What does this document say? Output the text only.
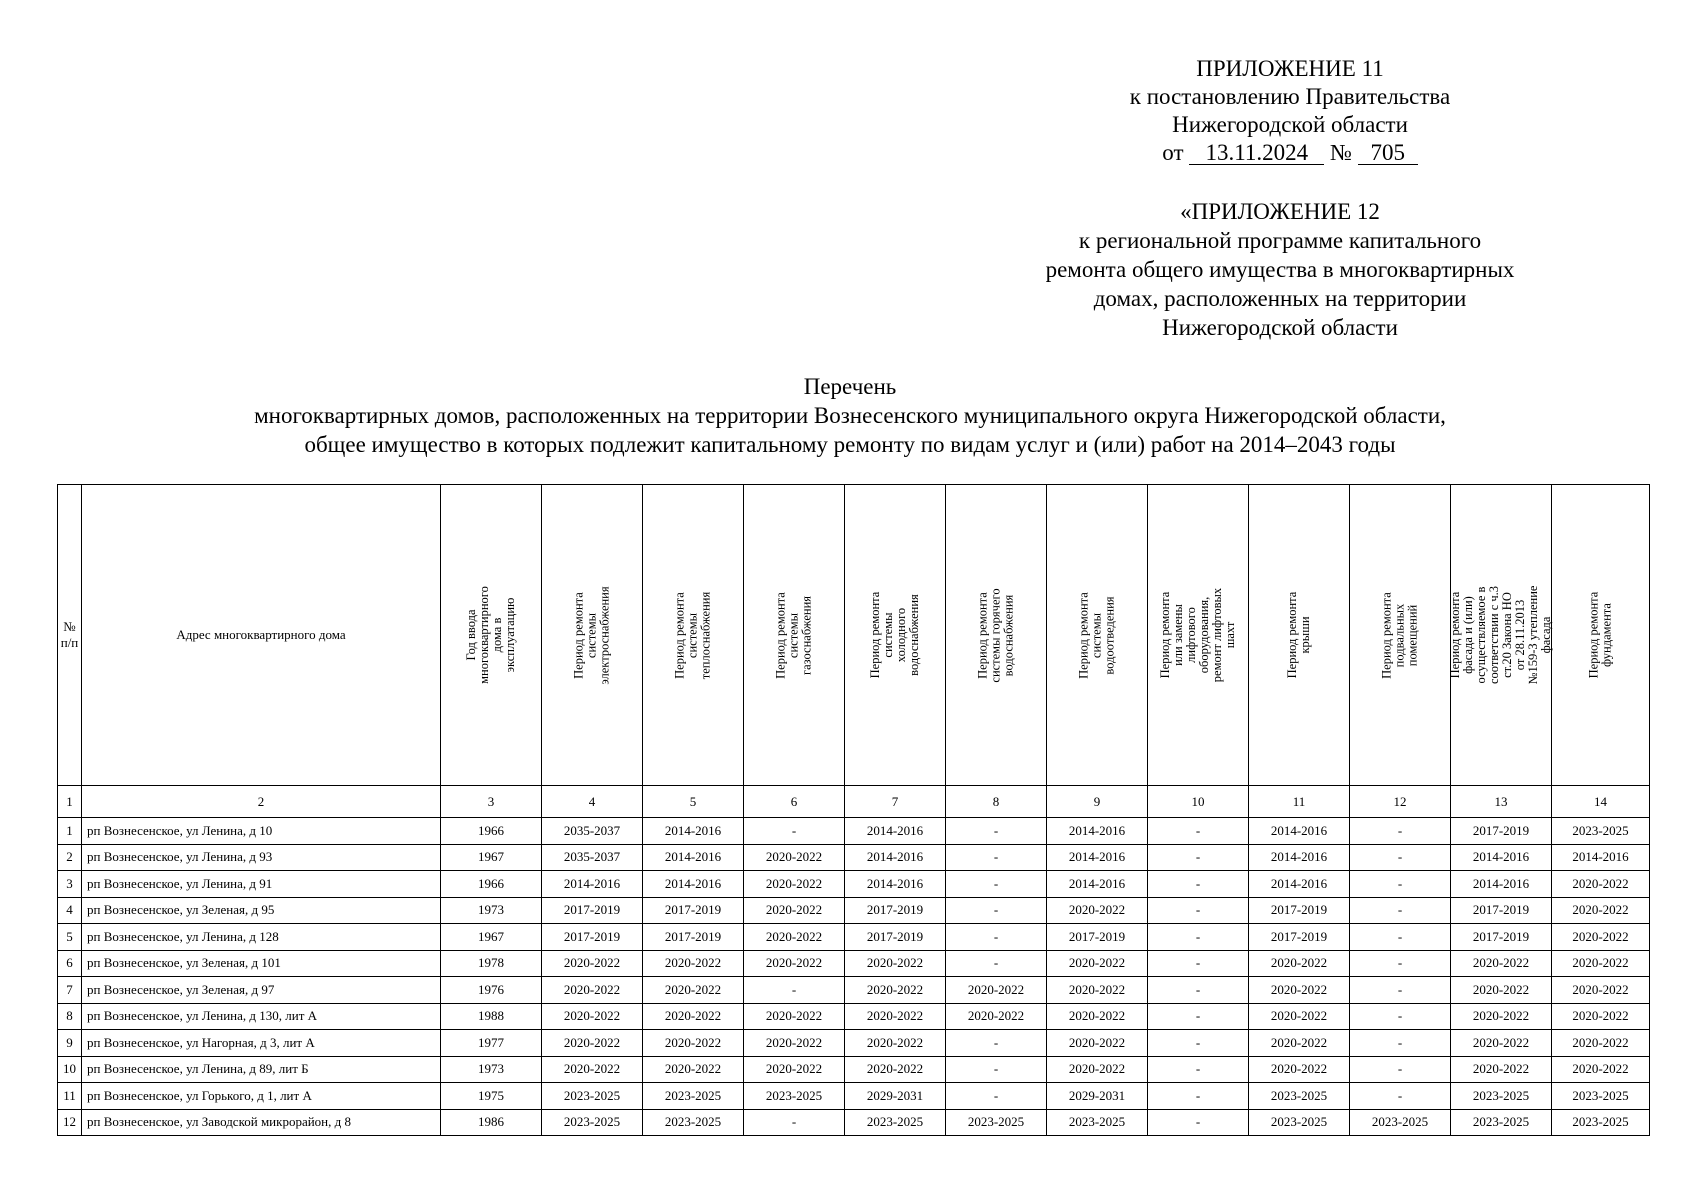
ПРИЛОЖЕНИЕ 11
к постановлению Правительства
Нижегородской области
от 13.11.2024 № 705
«ПРИЛОЖЕНИЕ 12
к региональной программе капитального
ремонта общего имущества в многоквартирных
домах, расположенных на территории
Нижегородской области
Перечень
многоквартирных домов, расположенных на территории Вознесенского муниципального округа Нижегородской области,
общее имущество в которых подлежит капитальному ремонту по видам услуг и (или) работ на 2014–2043 годы
№ п/п	Адрес многоквартирного дома	Год ввода многоквартирного дома в эксплуатацию	Период ремонта системы электроснабжения	Период ремонта системы теплоснабжения	Период ремонта системы газоснабжения	Период ремонта системы холодного водоснабжения	Период ремонта системы горячего водоснабжения	Период ремонта системы водоотведения	Период ремонта или замены лифтового оборудования, ремонт лифтовых шахт	Период ремонта крыши	Период ремонта подвальных помещений	Период ремонта фасада и (или) осуществляемое в соответствии с ч.3 ст.20 Закона НО от 28.11.2013 №159-З утепление фасада	Период ремонта фундамента

1	2	3	4	5	6	7	8	9	10	11	12	13	14
1	рп Вознесенское, ул Ленина, д 10	1966	2035-2037	2014-2016	-	2014-2016	-	2014-2016	-	2014-2016	-	2017-2019	2023-2025
2	рп Вознесенское, ул Ленина, д 93	1967	2035-2037	2014-2016	2020-2022	2014-2016	-	2014-2016	-	2014-2016	-	2014-2016	2014-2016
3	рп Вознесенское, ул Ленина, д 91	1966	2014-2016	2014-2016	2020-2022	2014-2016	-	2014-2016	-	2014-2016	-	2014-2016	2020-2022
4	рп Вознесенское, ул Зеленая, д 95	1973	2017-2019	2017-2019	2020-2022	2017-2019	-	2020-2022	-	2017-2019	-	2017-2019	2020-2022
5	рп Вознесенское, ул Ленина, д 128	1967	2017-2019	2017-2019	2020-2022	2017-2019	-	2017-2019	-	2017-2019	-	2017-2019	2020-2022
6	рп Вознесенское, ул Зеленая, д 101	1978	2020-2022	2020-2022	2020-2022	2020-2022	-	2020-2022	-	2020-2022	-	2020-2022	2020-2022
7	рп Вознесенское, ул Зеленая, д 97	1976	2020-2022	2020-2022	-	2020-2022	2020-2022	2020-2022	-	2020-2022	-	2020-2022	2020-2022
8	рп Вознесенское, ул Ленина, д 130, лит А	1988	2020-2022	2020-2022	2020-2022	2020-2022	2020-2022	2020-2022	-	2020-2022	-	2020-2022	2020-2022
9	рп Вознесенское, ул Нагорная, д 3, лит А	1977	2020-2022	2020-2022	2020-2022	2020-2022	-	2020-2022	-	2020-2022	-	2020-2022	2020-2022
10	рп Вознесенское, ул Ленина, д 89, лит Б	1973	2020-2022	2020-2022	2020-2022	2020-2022	-	2020-2022	-	2020-2022	-	2020-2022	2020-2022
11	рп Вознесенское, ул Горького, д 1, лит А	1975	2023-2025	2023-2025	2023-2025	2029-2031	-	2029-2031	-	2023-2025	-	2023-2025	2023-2025
12	рп Вознесенское, ул Заводской микрорайон, д 8	1986	2023-2025	2023-2025	-	2023-2025	2023-2025	2023-2025	-	2023-2025	2023-2025	2023-2025	2023-2025
